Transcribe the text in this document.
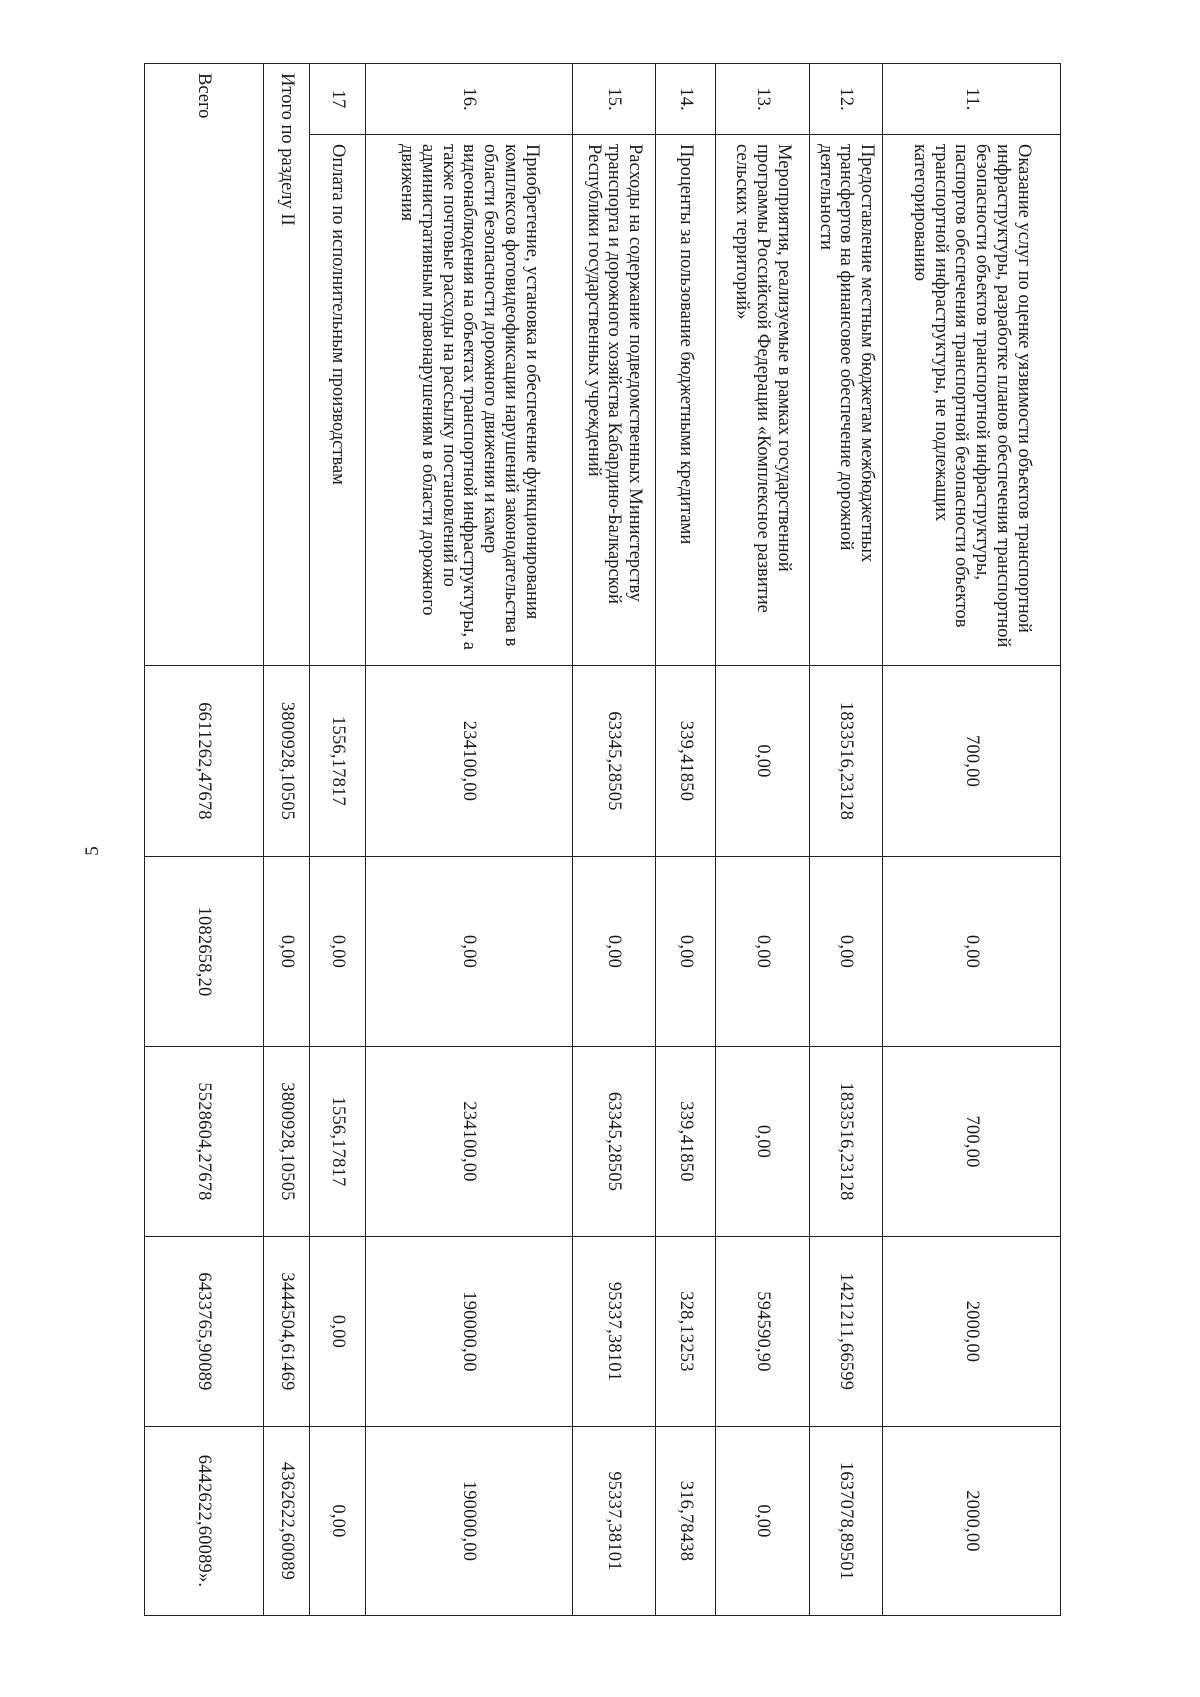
5
11.	Оказание услуг по оценке уязвимости объектов транспортной инфраструктуры, разработке планов обеспечения транспортной безопасности объектов транспортной инфраструктуры, паспортов обеспечения транспортной безопасности объектов транспортной инфраструктуры, не подлежащих категорированию	700,00	0,00	700,00	2000,00	2000,00
12.	Предоставление местным бюджетам межбюджетных трансфертов на финансовое обеспечение дорожной деятельности	1833516,23128	0,00	1833516,23128	1421211,66599	1637078,89501
13.	Мероприятия, реализуемые в рамках государственной программы Российской Федерации «Комплексное развитие сельских территорий»	0,00	0,00	0,00	594590,90	0,00
14.	Проценты за пользование бюджетными кредитами	339,41850	0,00	339,41850	328,13253	316,78438
15.	Расходы на содержание подведомственных Министерству транспорта и дорожного хозяйства Кабардино-Балкарской Республики государственных учреждений	63345,28505	0,00	63345,28505	95337,38101	95337,38101
16.	Приобретение, установка и обеспечение функционирования комплексов фотовидеофиксации нарушений законодательства в области безопасности дорожного движения и камер видеонаблюдения на объектах транспортной инфраструктуры, а также почтовые расходы на рассылку постановлений по административным правонарушениям в области дорожного движения	234100,00	0,00	234100,00	190000,00	190000,00
17	Оплата по исполнительным производствам	1556,17817	0,00	1556,17817	0,00	0,00
Итого по разделу II		3800928,10505	0,00	3800928,10505	3444504,61469	4362622,60089
Всего		6611262,47678	1082658,20	5528604,27678	6433765,90089	6442622,60089».
